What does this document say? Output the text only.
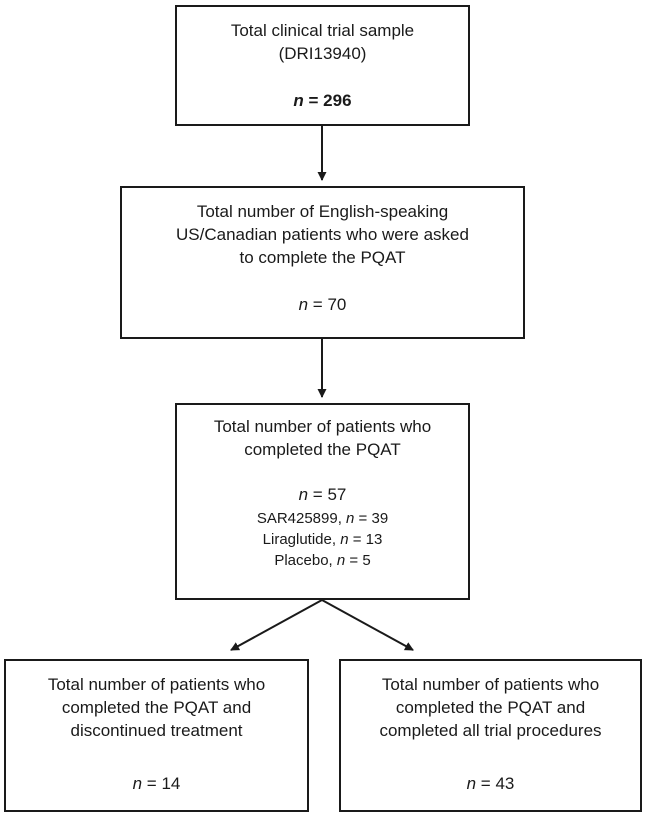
Total clinical trial sample
(DRI13940)
n = 296
Total number of English-speaking
US/Canadian patients who were asked
to complete the PQAT
n = 70
Total number of patients who
completed the PQAT
n = 57
SAR425899, n = 39
Liraglutide, n = 13
Placebo, n = 5
Total number of patients who
completed the PQAT and
discontinued treatment
n = 14
Total number of patients who
completed the PQAT and
completed all trial procedures
n = 43
